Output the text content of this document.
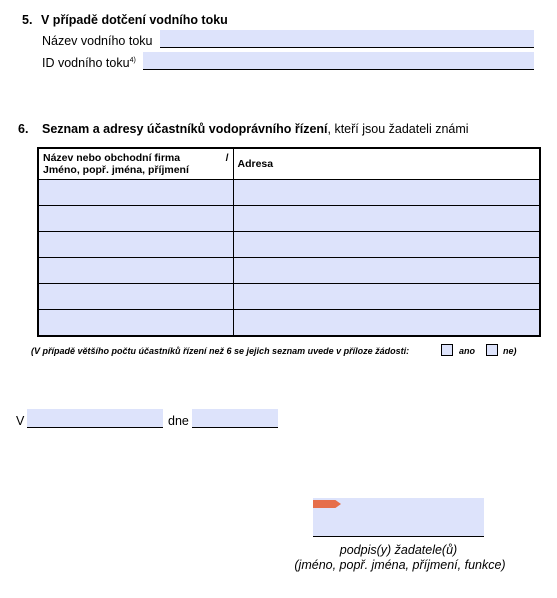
5. V případě dotčení vodního toku
Název vodního toku
ID vodního toku$^{4)}$
6. Seznam a adresy účastníků vodoprávního řízení, kteří jsou žadateli známi
Název nebo obchodní firma /
Jméno, popř. jména, příjmení	Adresa

(V případě většího počtu účastníků řízení než 6 se jejich seznam uvede v příloze žádosti:	ano	ne)
V	dne
podpis(y) žadatele(ů)
(jméno, popř. jména, příjmení, funkce)
